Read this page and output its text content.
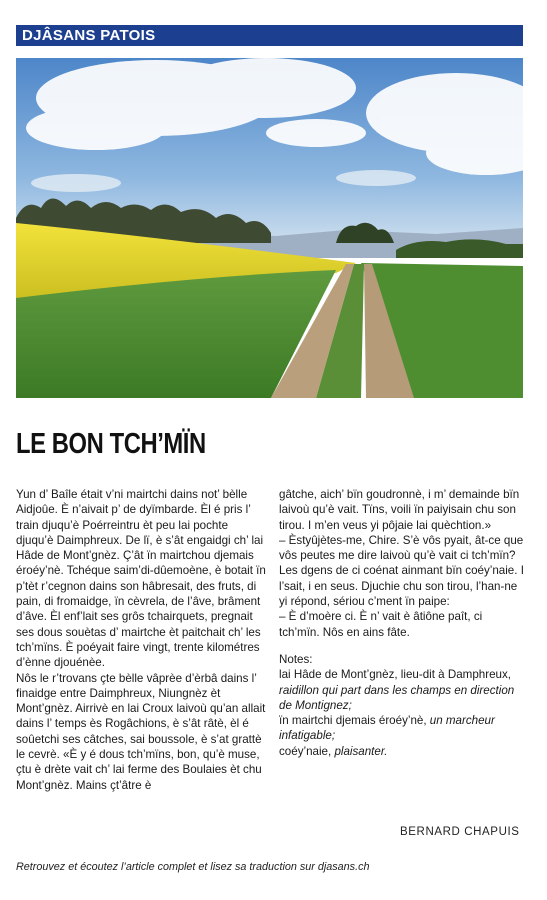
DJÂSANS PATOIS
LE BON TCH’MÏN

Yun d’ Baîle était v’ni mairtchi dains not’ bèlle Aidjoûe. È n’aivait p’ de dyïmbarde. Èl é pris l’ train djuqu’è Poérreintru èt peu lai pochte djuqu’è Daimphreux. De lï, è s’ât engaidgi ch’ lai Hâde de Mont’gnèz. Ç’ât ïn mairtchou djemais éroéy’nè. Tchéque saim’di-dûemoène, è botait ïn p’tèt r’cegnon dains son hâbresait, des fruts, di pain, di fromaidge, ïn cèvrela, de l’âve, brâment d’âve. Èl enf’lait ses grôs tchairquets, pregnait ses dous souètas d’ mairtche èt paitchait ch’ les tch’mïns. È poéyait faire vingt, trente kilométres d’ènne djouénèe.

Nôs le r’trovans çte bèlle vâprèe d’èrbâ dains l’ finaidge entre Daimphreux, Niungnèz èt Mont’gnèz. Airrivè en lai Croux laivoù qu’an allait dains l’ temps ès Rogâchions, è s’ât râtè, èl é soûetchi ses câtches, sai boussole, è s’at grattè le cevrè. «È y é dous tch’mïns, bon, qu’è muse, çtu è drète vait ch’ lai ferme des Boulaies èt chu Mont’gnèz. Mains çt’âtre è

gâtche, aich’ bïn goudronnè, i m’ demainde bïn laivoù qu’è vait. Tïns, voili ïn paiyisain chu son tirou. I m’en veus yi pôjaie lai quèchtion.»

– Èstyûjètes-me, Chire. S’è vôs pyait, ât-ce que vôs peutes me dire laivoù qu’è vait ci tch’mïn?

Les dgens de ci coénat ainmant bïn coéy’naie. I l’sait, i en seus. Djuchie chu son tirou, l’han-ne yi répond, sériou c’ment ïn paipe:

– È d’moère ci. È n’ vait è âtiône paît, ci tch’mïn. Nôs en ains fâte.

Notes:

lai Hâde de Mont’gnèz, lieu-dit à Damphreux, raidillon qui part dans les champs en direction de Montignez;

ïn mairtchi djemais éroéy’nè, un marcheur infatigable;

coéy’naie, plaisanter.

BERNARD CHAPUIS
Retrouvez et écoutez l’article complet et lisez sa traduction sur djasans.ch
